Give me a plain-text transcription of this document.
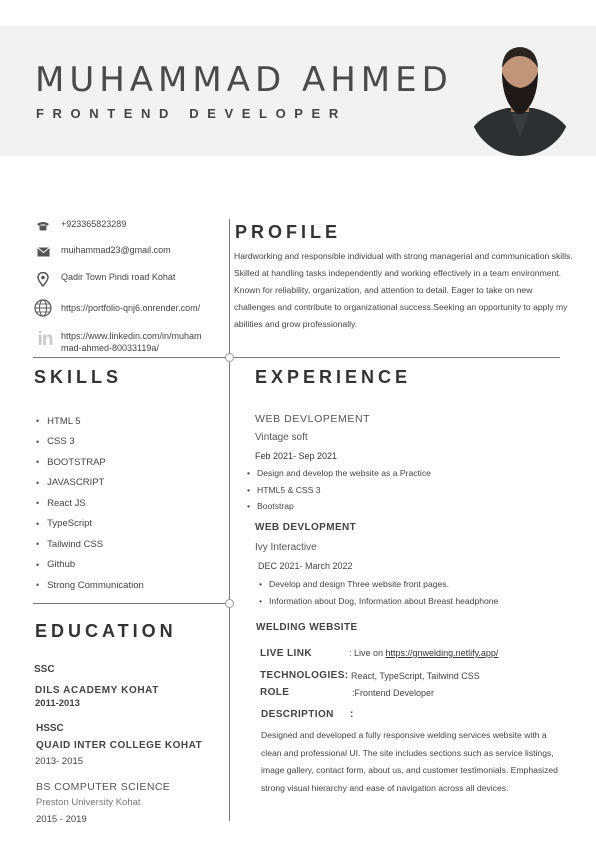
MUHAMMAD AHMED
FRONTEND DEVELOPER
+923365823289
muihammad23@gmail.com
Qadir Town Pindi road Kohat
https://portfolio-qnj6.onrender.com/
in https://www.linkedin.com/in/muham
mad-ahmed-80033119a/
PROFILE
Hardworking and responsible individual with strong managerial and communication skills. Skilled at handling tasks independently and working effectively in a team environment. Known for reliability, organization, and attention to detail. Eager to take on new challenges and contribute to organizational success.Seeking an opportunity to apply my abilities and grow professionally.
SKILLS
• HTML 5
• CSS 3
• BOOTSTRAP
• JAVASCRIPT
• React JS
• TypeScript
• Tailwind CSS
• Github
• Strong Communication
EDUCATION
SSC
DILS ACADEMY KOHAT
2011-2013
HSSC
QUAID INTER COLLEGE KOHAT
2013- 2015
BS COMPUTER SCIENCE
Preston University Kohat
2015 - 2019
EXPERIENCE
WEB DEVLOPEMENT
Vintage soft
Feb 2021- Sep 2021
• Design and develop the website as a Practice
• HTML5 & CSS 3
• Bootstrap
WEB DEVLOPMENT
Ivy Interactive
DEC 2021- March 2022
• Develop and design Three website front pages.
• Information about Dog, Information about Breast headphone
WELDING WEBSITE
LIVE LINK	: Live on https://gnwelding.netlify.app/
TECHNOLOGIES: React, TypeScript, Tailwind CSS
ROLE	:Frontend Developer
DESCRIPTION :
Designed and developed a fully responsive welding services website with a clean and professional UI. The site includes sections such as service listings, image gallery, contact form, about us, and customer testimonials. Emphasized strong visual hierarchy and ease of navigation across all devices.
